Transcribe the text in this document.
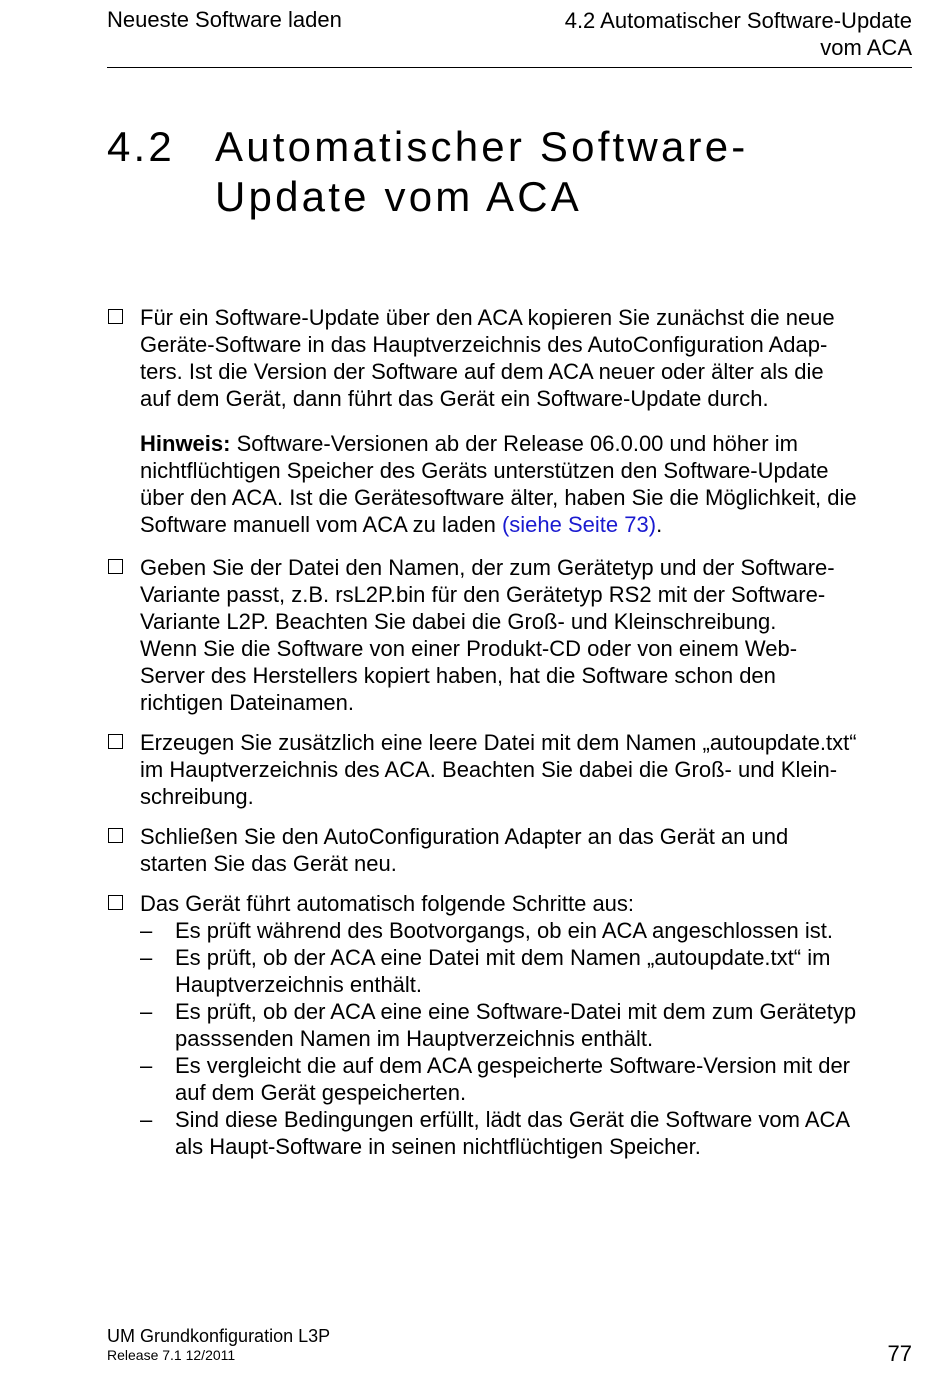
Neueste Software laden	4.2 Automatischer Software-Update
vom ACA
4.2 Automatischer Software-
Update vom ACA
Für ein Software-Update über den ACA kopieren Sie zunächst die neue
Geräte-Software in das Hauptverzeichnis des AutoConfiguration Adap-
ters. Ist die Version der Software auf dem ACA neuer oder älter als die
auf dem Gerät, dann führt das Gerät ein Software-Update durch.
Hinweis: Software-Versionen ab der Release 06.0.00 und höher im
nichtflüchtigen Speicher des Geräts unterstützen den Software-Update
über den ACA. Ist die Gerätesoftware älter, haben Sie die Möglichkeit, die
Software manuell vom ACA zu laden (siehe Seite 73).
Geben Sie der Datei den Namen, der zum Gerätetyp und der Software-
Variante passt, z.B. rsL2P.bin für den Gerätetyp RS2 mit der Software-
Variante L2P. Beachten Sie dabei die Groß- und Kleinschreibung.
Wenn Sie die Software von einer Produkt-CD oder von einem Web-
Server des Herstellers kopiert haben, hat die Software schon den
richtigen Dateinamen.
Erzeugen Sie zusätzlich eine leere Datei mit dem Namen „autoupdate.txt“
im Hauptverzeichnis des ACA. Beachten Sie dabei die Groß- und Klein-
schreibung.
Schließen Sie den AutoConfiguration Adapter an das Gerät an und
starten Sie das Gerät neu.
Das Gerät führt automatisch folgende Schritte aus:
– Es prüft während des Bootvorgangs, ob ein ACA angeschlossen ist.
– Es prüft, ob der ACA eine Datei mit dem Namen „autoupdate.txt“ im
Hauptverzeichnis enthält.
– Es prüft, ob der ACA eine eine Software-Datei mit dem zum Gerätetyp
passsenden Namen im Hauptverzeichnis enthält.
– Es vergleicht die auf dem ACA gespeicherte Software-Version mit der
auf dem Gerät gespeicherten.
– Sind diese Bedingungen erfüllt, lädt das Gerät die Software vom ACA
als Haupt-Software in seinen nichtflüchtigen Speicher.
UM Grundkonfiguration L3P
Release 7.1 12/2011	77
